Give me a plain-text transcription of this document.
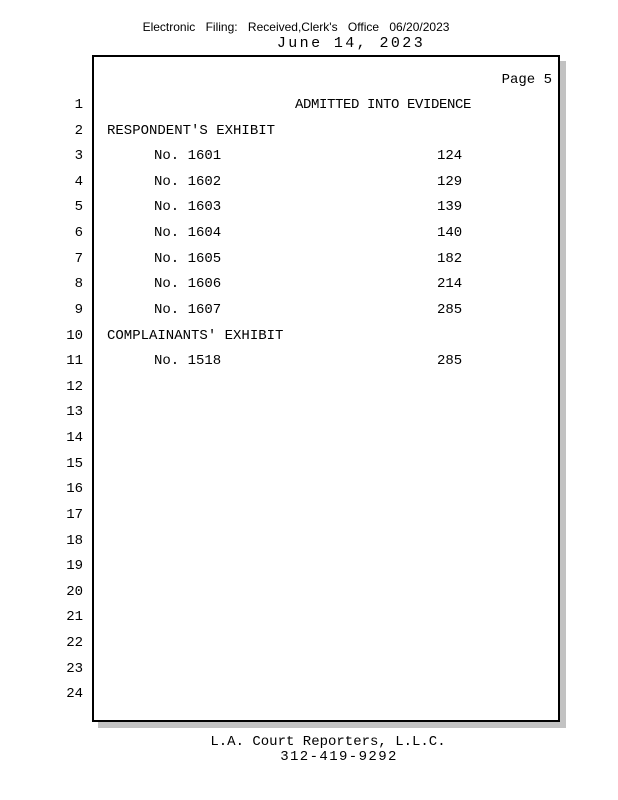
Electronic Filing: Received,Clerk's Office 06/20/2023
June 14, 2023
Page 5
1	ADMITTED INTO EVIDENCE
2 RESPONDENT'S EXHIBIT
3	No. 1601	124
4	No. 1602	129
5	No. 1603	139
6	No. 1604	140
7	No. 1605	182
8	No. 1606	214
9	No. 1607	285
10 COMPLAINANTS' EXHIBIT
11	No. 1518	285
12
13
14
15
16
17
18
19
20
21
22
23
24
L.A. Court Reporters, L.L.C.
312-419-9292
